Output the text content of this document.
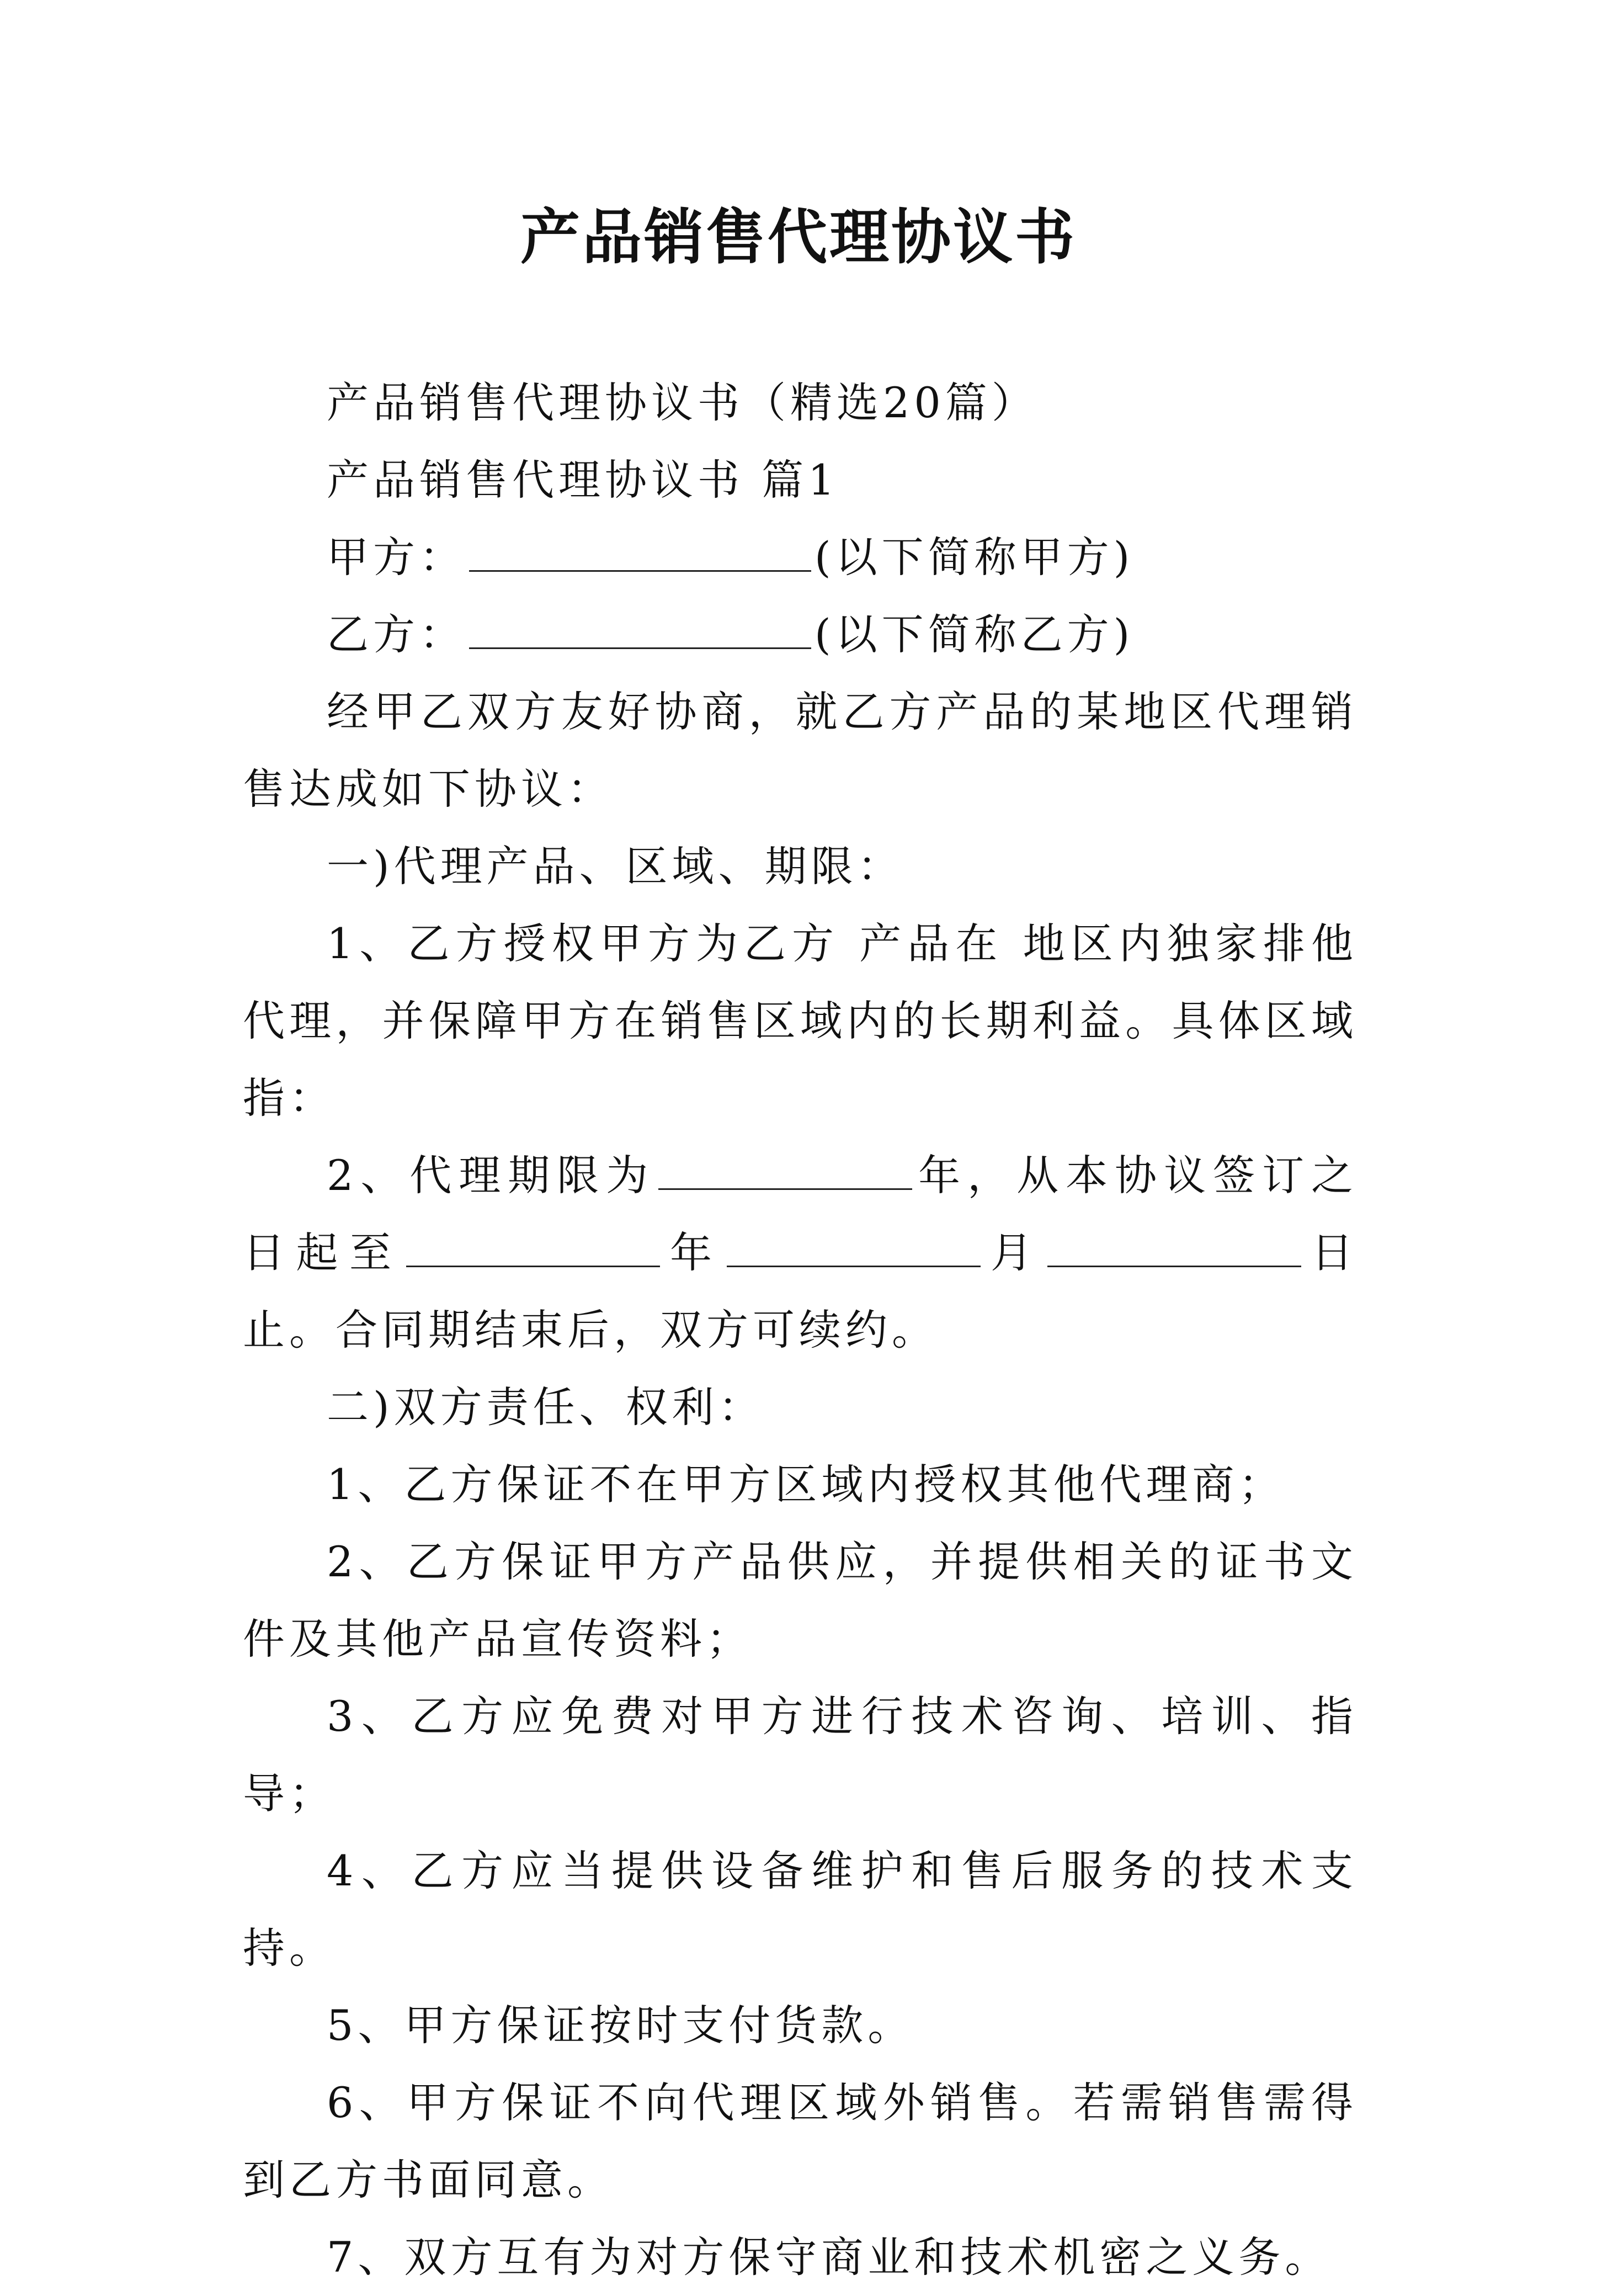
产品销售代理协议书

产品销售代理协议书（精选20篇）

产品销售代理协议书 篇1

甲方：	(以下简称甲方)

乙方：	(以下简称乙方)

经甲乙双方友好协商，就乙方产品的某地区代理销售达成如下协议：

一)代理产品、区域、期限：

1、乙方授权甲方为乙方 产品在 地区内独家排他代理，并保障甲方在销售区域内的长期利益。具体区域指：

2、代理期限为	年，从本协议签订之日起至	年	月	日止。合同期结束后，双方可续约。

二)双方责任、权利：

1、乙方保证不在甲方区域内授权其他代理商；

2、乙方保证甲方产品供应，并提供相关的证书文件及其他产品宣传资料；

3、乙方应免费对甲方进行技术咨询、培训、指导；

4、乙方应当提供设备维护和售后服务的技术支持。

5、甲方保证按时支付货款。

6、甲方保证不向代理区域外销售。若需销售需得到乙方书面同意。

7、双方互有为对方保守商业和技术机密之义务。
